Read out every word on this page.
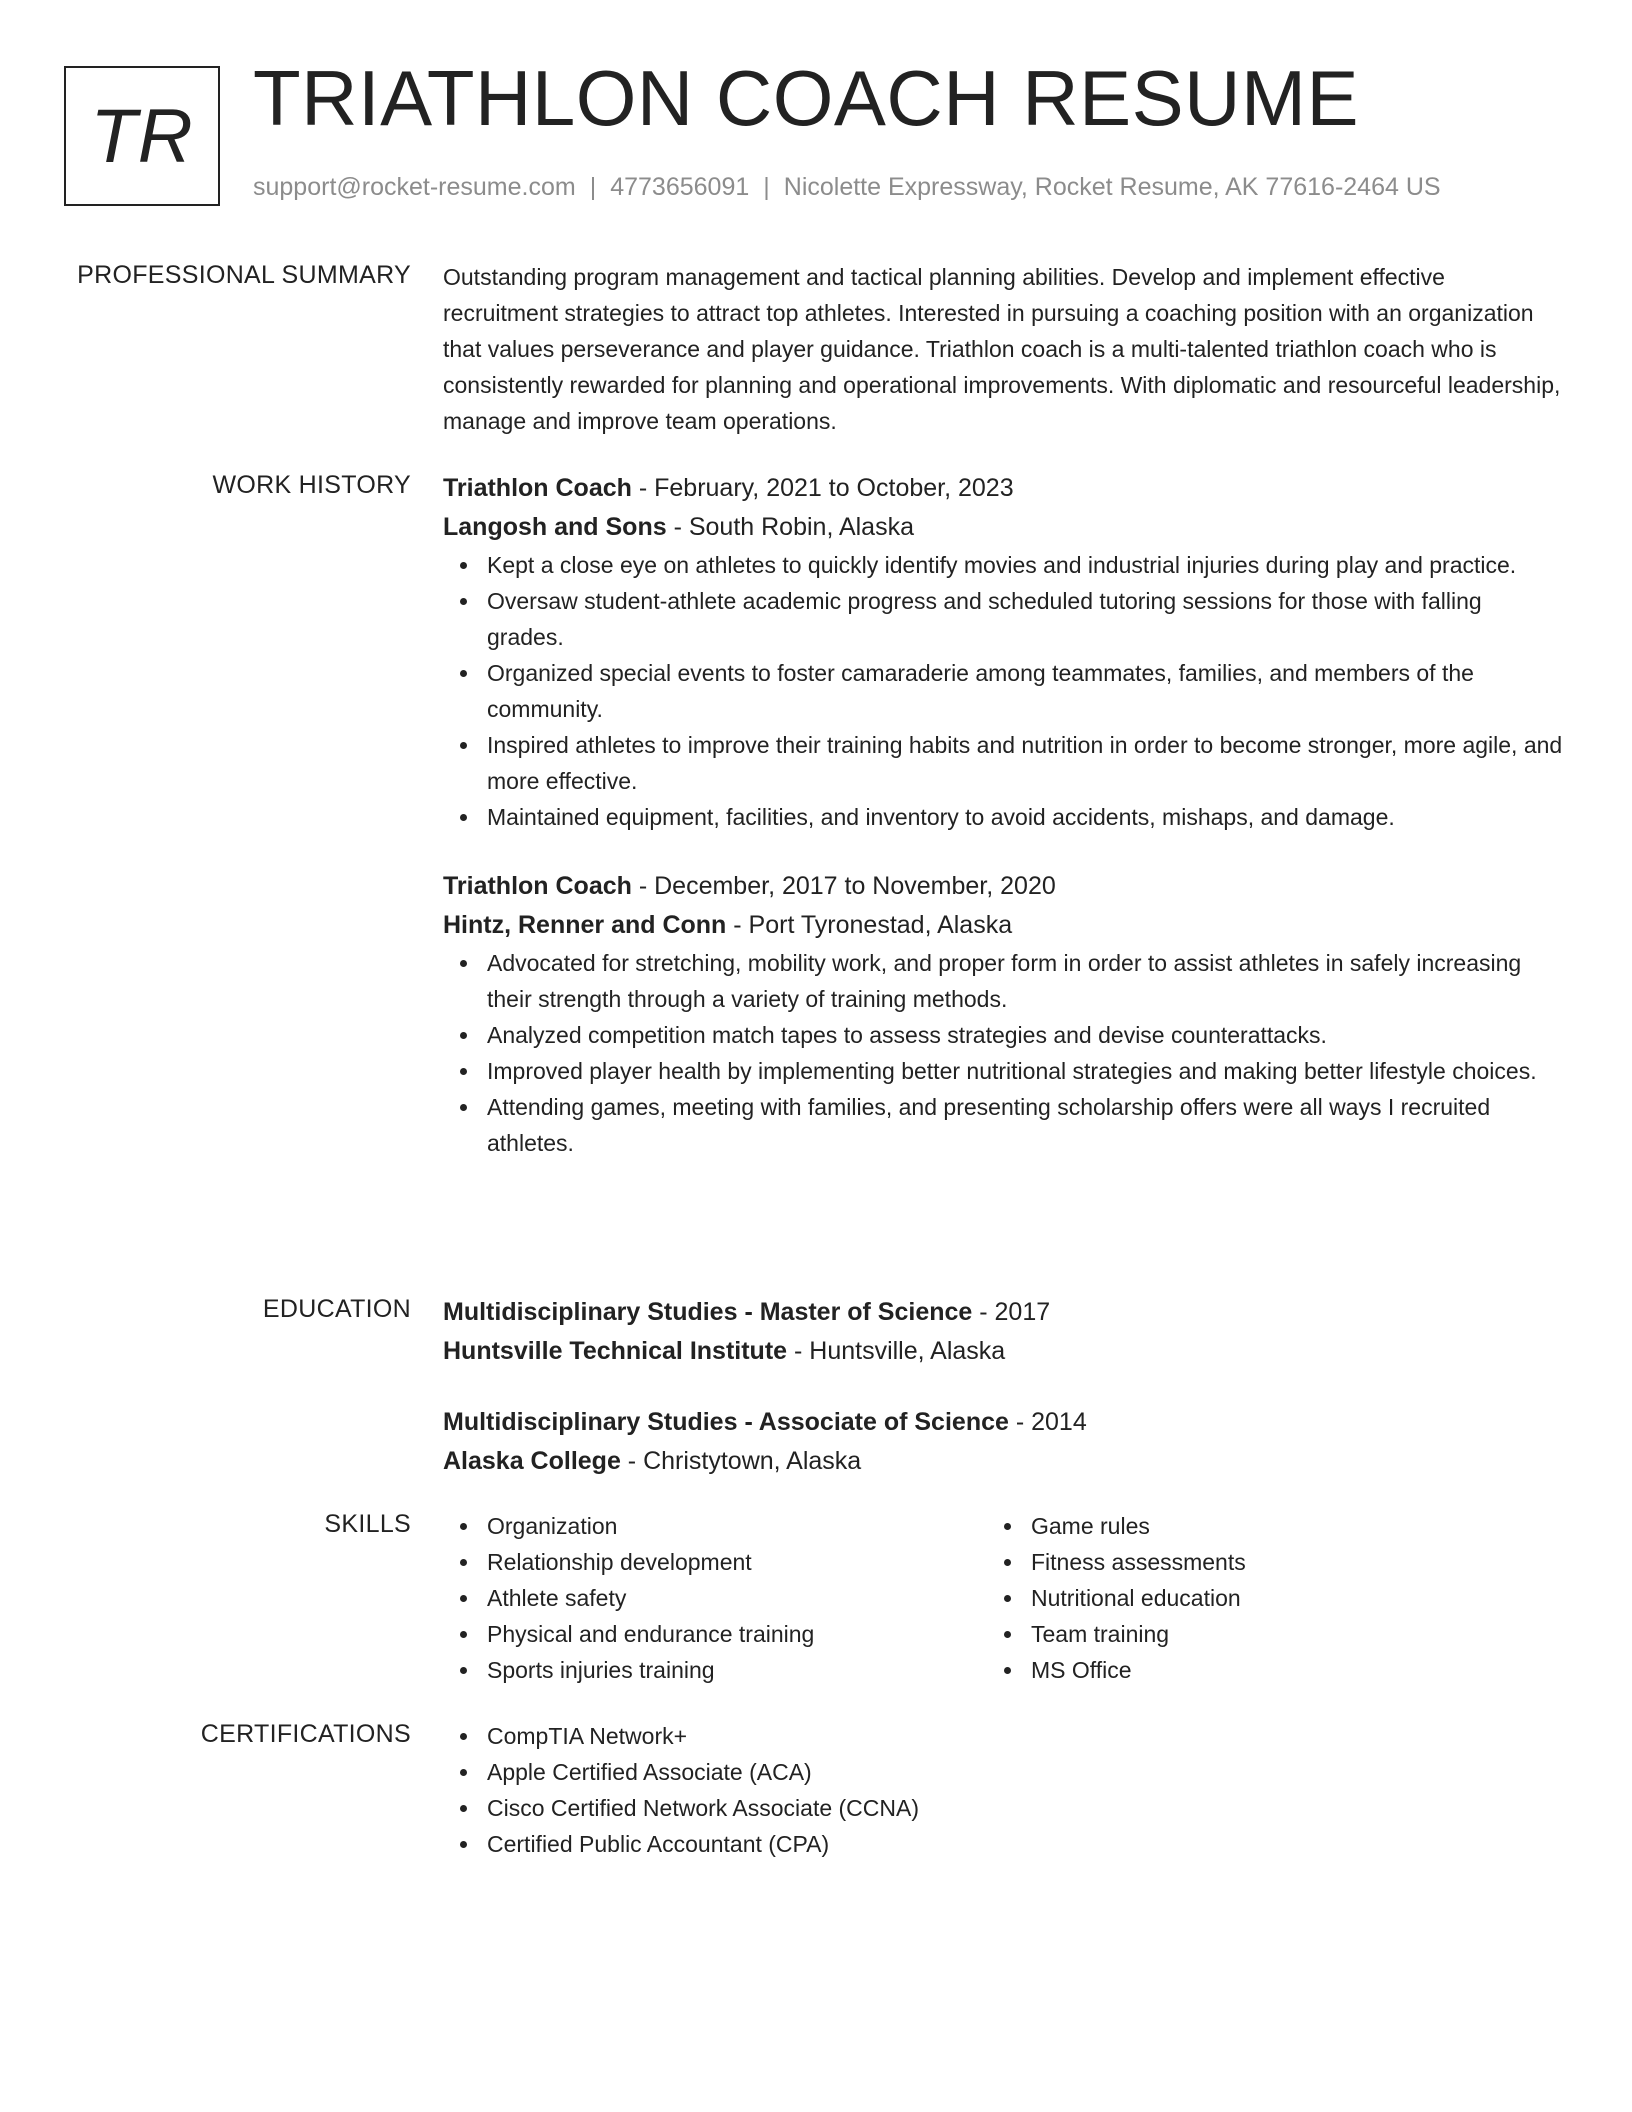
TR TRIATHLON COACH RESUME
support@rocket-resume.com | 4773656091 | Nicolette Expressway, Rocket Resume, AK 77616-2464 US
PROFESSIONAL SUMMARY Outstanding program management and tactical planning abilities. Develop and implement effective recruitment strategies to attract top athletes. Interested in pursuing a coaching position with an organization that values perseverance and player guidance. Triathlon coach is a multi-talented triathlon coach who is consistently rewarded for planning and operational improvements. With diplomatic and resourceful leadership, manage and improve team operations.

WORK HISTORY Triathlon Coach - February, 2021 to October, 2023
Langosh and Sons - South Robin, Alaska
Kept a close eye on athletes to quickly identify movies and industrial injuries during play and practice.
Oversaw student-athlete academic progress and scheduled tutoring sessions for those with falling grades.
Organized special events to foster camaraderie among teammates, families, and members of the community.
Inspired athletes to improve their training habits and nutrition in order to become stronger, more agile, and more effective.
Maintained equipment, facilities, and inventory to avoid accidents, mishaps, and damage.
Triathlon Coach - December, 2017 to November, 2020
Hintz, Renner and Conn - Port Tyronestad, Alaska
Advocated for stretching, mobility work, and proper form in order to assist athletes in safely increasing their strength through a variety of training methods.
Analyzed competition match tapes to assess strategies and devise counterattacks.
Improved player health by implementing better nutritional strategies and making better lifestyle choices.
Attending games, meeting with families, and presenting scholarship offers were all ways I recruited athletes.
EDUCATION Multidisciplinary Studies - Master of Science - 2017
Huntsville Technical Institute - Huntsville, Alaska
Multidisciplinary Studies - Associate of Science - 2014
Alaska College - Christytown, Alaska
SKILLS	Organization
Relationship development
Athlete safety
Physical and endurance training
Sports injuries training
Game rules
Fitness assessments
Nutritional education
Team training
MS Office
CERTIFICATIONS	CompTIA Network+
Apple Certified Associate (ACA)
Cisco Certified Network Associate (CCNA)
Certified Public Accountant (CPA)
